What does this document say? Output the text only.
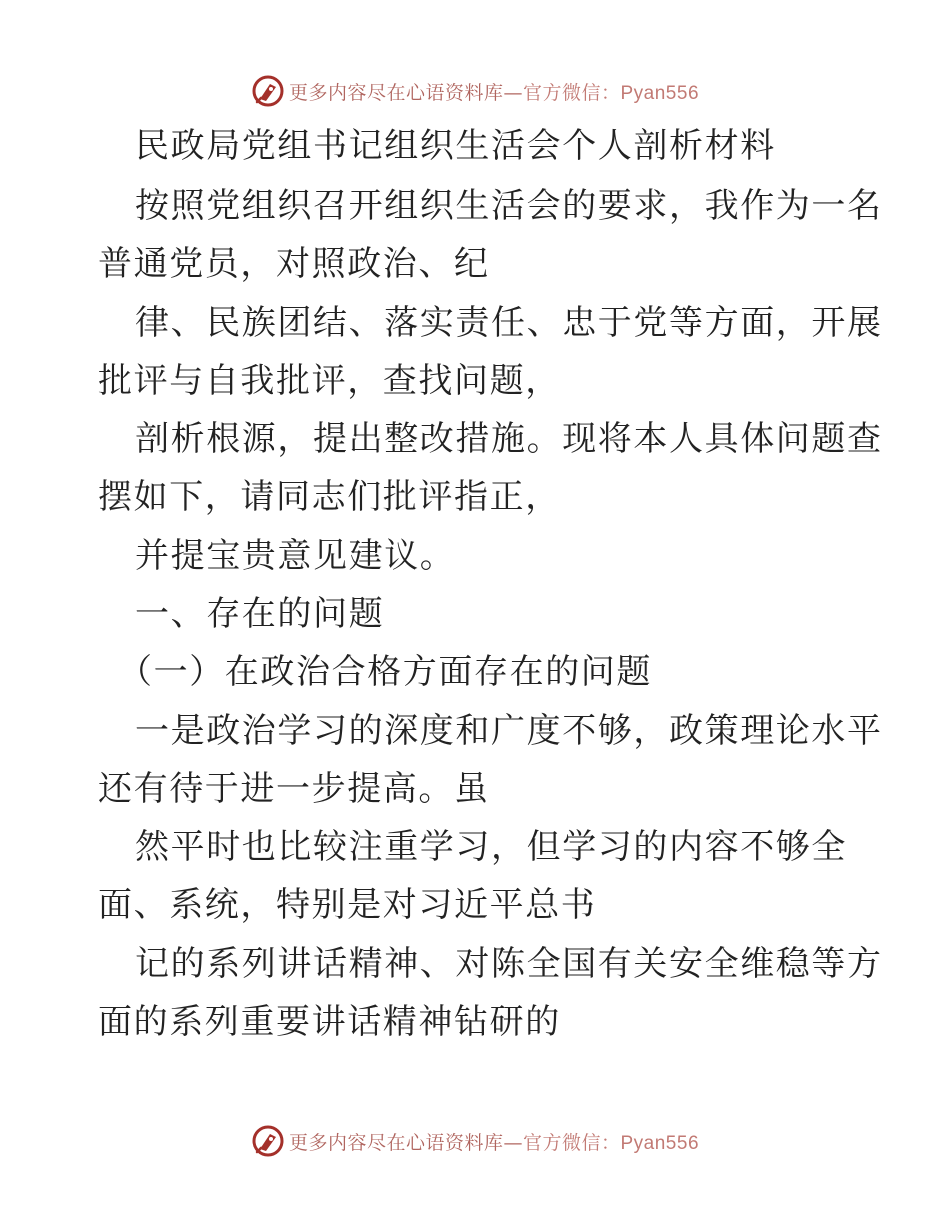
更多内容尽在心语资料库—官方微信：Pyan556
民政局党组书记组织生活会个人剖析材料
按照党组织召开组织生活会的要求，我作为一名
普通党员，对照政治、纪
律、民族团结、落实责任、忠于党等方面，开展
批评与自我批评，查找问题，
剖析根源，提出整改措施。现将本人具体问题查
摆如下，请同志们批评指正，
并提宝贵意见建议。
一、存在的问题
（一）在政治合格方面存在的问题
一是政治学习的深度和广度不够，政策理论水平
还有待于进一步提高。虽
然平时也比较注重学习，但学习的内容不够全
面、系统，特别是对习近平总书
记的系列讲话精神、对陈全国有关安全维稳等方
面的系列重要讲话精神钻研的
更多内容尽在心语资料库—官方微信：Pyan556
